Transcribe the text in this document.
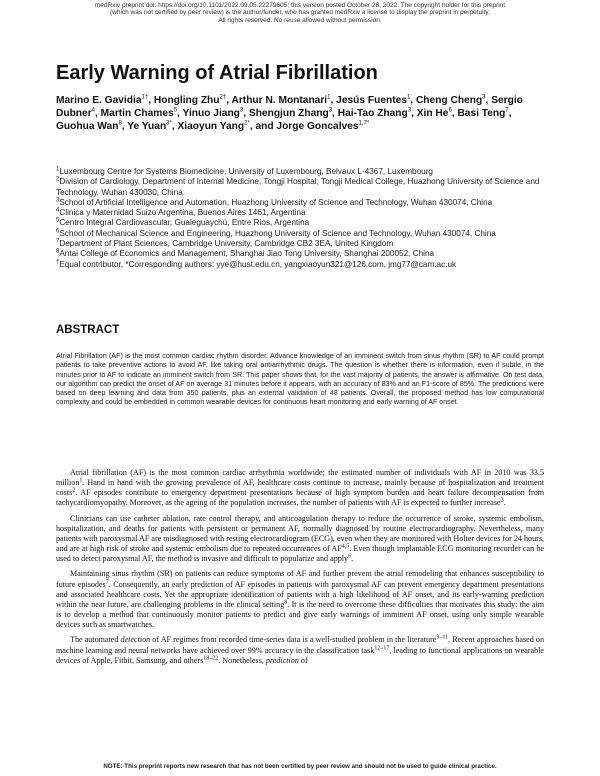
medRxiv preprint doi: https://doi.org/10.1101/2022.09.05.22279605; this version posted October 28, 2022. The copyright holder for this preprint
(which was not certified by peer review) is the author/funder, who has granted medRxiv a license to display the preprint in perpetuity.
All rights reserved. No reuse allowed without permission.
Early Warning of Atrial Fibrillation
Marino E. Gavidia$^{1\dagger}$, Hongling Zhu$^{2\dagger}$, Arthur N. Montanari$^1$, Jesús Fuentes$^1$, Cheng Cheng$^3$, Sergio Dubner$^4$, Martin Chames$^5$, Yinuo Jiang$^3$, Shengjun Zhang$^3$, Hai-Tao Zhang$^3$, Xin He$^6$, Basi Teng$^7$, Guohua Wan$^8$, Ye Yuan$^{3*}$, Xiaoyun Yang$^{2*}$, and Jorge Goncalves$^{1,7*}$
$^1$Luxembourg Centre for Systems Biomedicine, University of Luxembourg, Belvaux L-4367, Luxembourg
$^2$Division of Cardiology, Department of Internal Medicine, Tongji Hospital, Tongji Medical College, Huazhong University of Science and Technology, Wuhan 430030, China.
$^3$School of Artificial Intelligence and Automation, Huazhong University of Science and Technology, Wuhan 430074, China
$^4$Clinica y Maternidad Suizo Argentina, Buenos Aires 1461, Argentina
$^5$Centro Integral Cardiovascular, Gualeguaychú, Entre Rios, Argentina
$^6$School of Mechanical Science and Engineering, Huazhong University of Science and Technology, Wuhan 430074, China
$^7$Department of Plant Sciences, Cambridge University, Cambridge CB2 3EA, United Kingdom
$^8$Antai College of Economics and Management, Shanghai Jiao Tong University, Shanghai 200052, China
†Equal contributor, *Corresponding authors: yye@hust.edu.cn, yangxiaoyun321@126.com, jmg77@cam.ac.uk
ABSTRACT
Atrial Fibrillation (AF) is the most common cardiac rhythm disorder. Advance knowledge of an imminent switch from sinus rhythm (SR) to AF could prompt patients to take preventive actions to avoid AF, like taking oral antiarrhythmic drugs. The question is whether there is information, even if subtle, in the minutes prior to AF to indicate an imminent switch from SR. This paper shows that, for the vast majority of patients, the answer is affirmative. On test data, our algorithm can predict the onset of AF on average 31 minutes before it appears, with an accuracy of 83% and an F1-score of 85%. The predictions were based on deep learning and data from 350 patients, plus an external validation of 48 patients. Overall, the proposed method has low computational complexity and could be embedded in common wearable devices for continuous heart monitoring and early warning of AF onset.

Atrial fibrillation (AF) is the most common cardiac arrhythmia worldwide; the estimated number of individuals with AF in 2010 was 33.5 million$^1$. Hand in hand with the growing prevalence of AF, healthcare costs continue to increase, mainly because of hospitalization and treatment costs$^2$. AF episodes contribute to emergency department presentations because of high symptom burden and heart failure decompensation from tachycardiomyopathy. Moreover, as the ageing of the population increases, the number of patients with AF is expected to further increase$^3$.

Clinicians can use catheter ablation, rate control therapy, and anticoagulation therapy to reduce the occurrence of stroke, systemic embolism, hospitalization, and deaths for patients with persistent or permanent AF, normally diagnosed by routine electrocardiography. Nevertheless, many patients with paroxysmal AF are misdiagnosed with resting electrocardiogram (ECG), even when they are monitored with Holter devices for 24 hours, and are at high risk of stroke and systemic embolism due to repeated occurrences of AF$^{4,5}$. Even though implantable ECG monitoring recorder can be used to detect paroxysmal AF, the method is invasive and difficult to popularize and apply$^6$.

Maintaining sinus rhythm (SR) on patients can reduce symptoms of AF and further prevent the atrial remodeling that enhances susceptibility to future episodes$^7$. Consequently, an early prediction of AF episodes in patients with paroxysmal AF can prevent emergency department presentations and associated healthcare costs. Yet the appropriate identification of patients with a high likelihood of AF onset, and its early-warning prediction within the near future, are challenging problems in the clinical setting$^8$. It is the need to overcome these difficulties that motivates this study: the aim is to develop a method that continuously monitor patients to predict and give early warnings of imminent AF onset, using only simple wearable devices such as smartwatches.

The automated detection of AF regimes from recorded time-series data is a well-studied problem in the literature$^{9-11}$. Recent approaches based on machine learning and neural networks have achieved over 99% accuracy in the classification task$^{12-17}$, leading to functional applications on wearable devices of Apple, Fitbit, Samsung, and others$^{18-22}$. Nonetheless, prediction of

NOTE: This preprint reports new research that has not been certified by peer review and should not be used to guide clinical practice.
